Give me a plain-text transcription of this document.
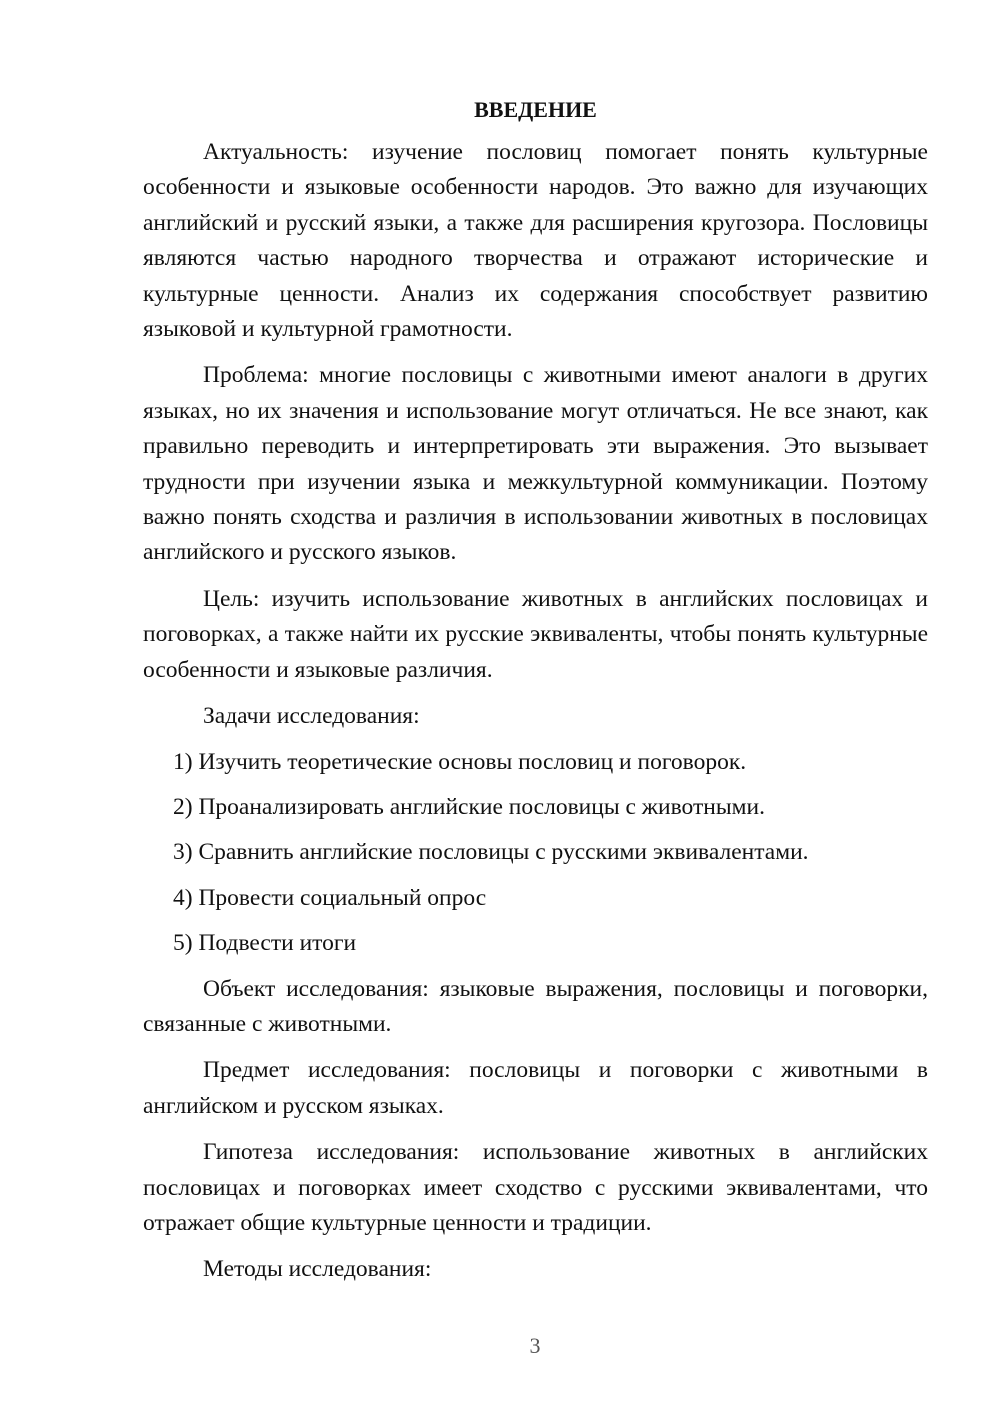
ВВЕДЕНИЕ

Актуальность: изучение пословиц помогает понять культурные особенности и языковые особенности народов. Это важно для изучающих английский и русский языки, а также для расширения кругозора. Пословицы являются частью народного творчества и отражают исторические и культурные ценности. Анализ их содержания способствует развитию языковой и культурной грамотности.

Проблема: многие пословицы с животными имеют аналоги в других языках, но их значения и использование могут отличаться. Не все знают, как правильно переводить и интерпретировать эти выражения. Это вызывает трудности при изучении языка и межкультурной коммуникации. Поэтому важно понять сходства и различия в использовании животных в пословицах английского и русского языков.

Цель: изучить использование животных в английских пословицах и поговорках, а также найти их русские эквиваленты, чтобы понять культурные особенности и языковые различия.

Задачи исследования:

1) Изучить теоретические основы пословиц и поговорок.
2) Проанализировать английские пословицы с животными.
3) Сравнить английские пословицы с русскими эквивалентами.
4) Провести социальный опрос
5) Подвести итоги

Объект исследования: языковые выражения, пословицы и поговорки, связанные с животными.

Предмет исследования: пословицы и поговорки с животными в английском и русском языках.

Гипотеза исследования: использование животных в английских пословицах и поговорках имеет сходство с русскими эквивалентами, что отражает общие культурные ценности и традиции.

Методы исследования:

3
